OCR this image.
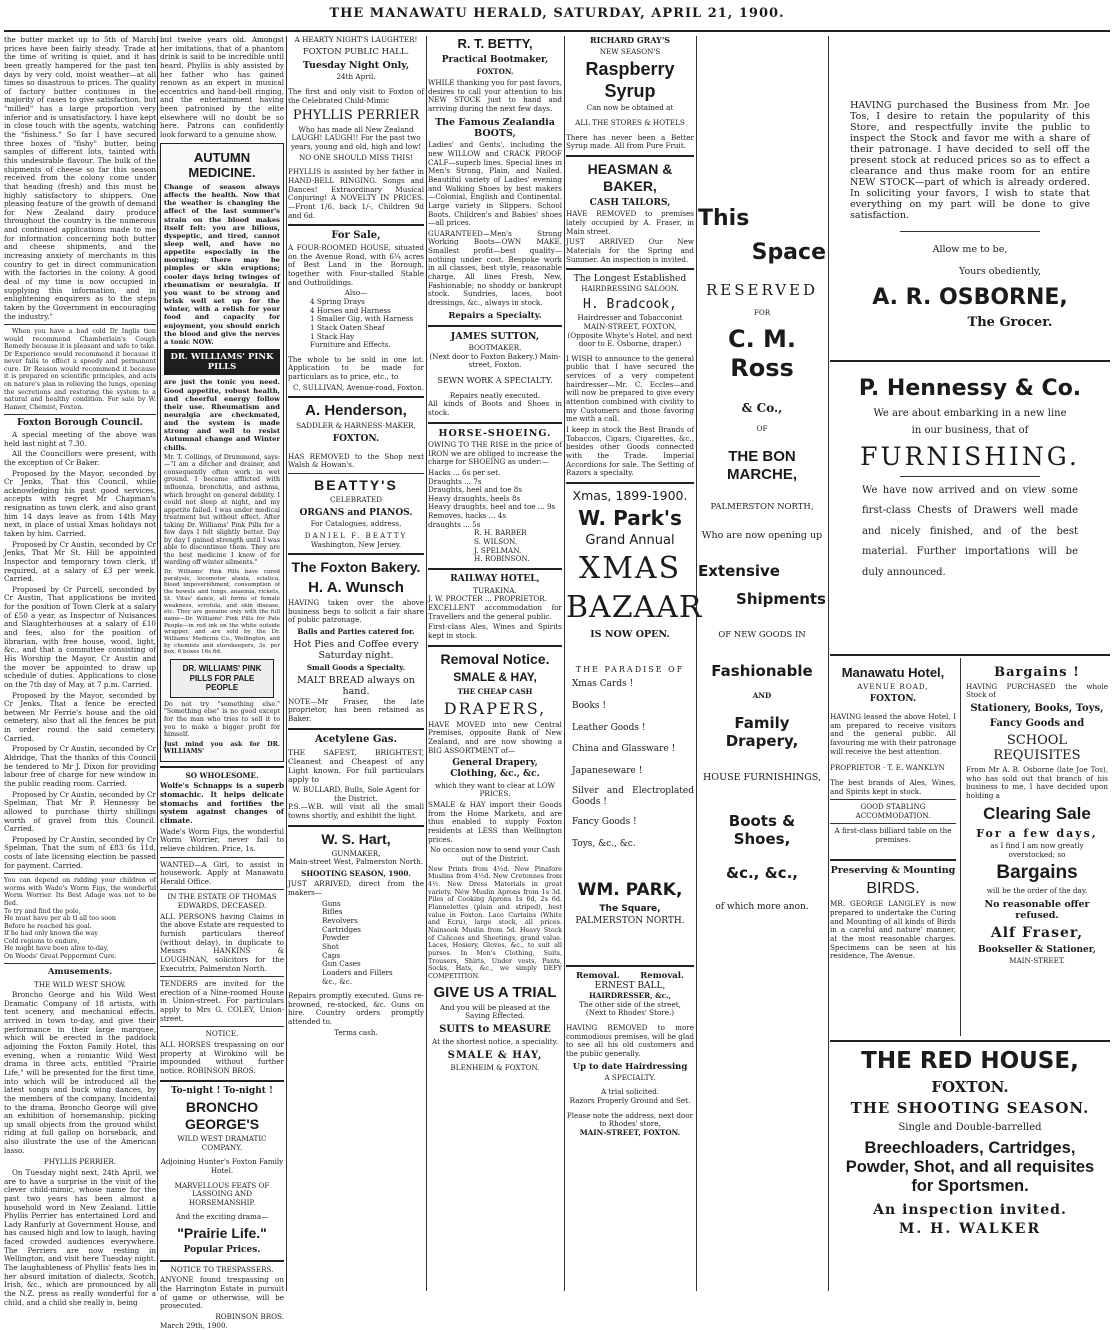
THE MANAWATU HERALD, SATURDAY, APRIL 21, 1900.

the butter market up to 5th of March prices have been fairly steady. Trade at the time of writing is quiet, and it has been greatly hampered for the past ten days by very cold, moist weather—at all times so disastrous to prices. The quality of factory butter continues in the majority of cases to give satisfaction, but "milled" has a large proportion very inferior and is unsatisfactory. I have kept in close touch with the agents, watching the "fishiness." So far I have secured three boxes of "fishy" butter, being samples of different lots, tainted with this undesirable flavour. The bulk of the shipments of cheese so far this season received from the colony come under that heading (fresh) and this must be highly satisfactory to shippers. One pleasing feature of the growth of demand for New Zealand dairy produce throughout the country is the numerous and continued applications made to me for information concerning both butter and cheese shipments, and the increasing anxiety of merchants in this country to get in direct communication with the factories in the colony. A good deal of my time is now occupied in supplying this information, and in enlightening enquirers as to the steps taken by the Government in encouraging the industry."

When you have a bad cold Dr Inglis tion would recommend Chamberlain's Cough Remedy because it is pleasant and safe to take. Dr Experience would recommend it because it never fails to effect a speedy and permanent cure. Dr Reason would recommend it because it is prepared on scientific principles, and acts on nature's plan in relieving the lungs, opening the secretions and restoring the system to a natural and healthy condition. For sale by W. Hamer, Chemist, Foxton.

Foxton Borough Council.

A special meeting of the above was held last night at 7.30.

All the Councillors were present, with the exception of Cr Baker.

Proposed by the Mayor, seconded by Cr Jenks, That this Council, while acknowledging his past good services, accepts with regret Mr Chapman's resignation as town clerk, and also grant him 14 days leave as from 14th May next, in place of usual Xmas holidays not taken by him. Carried.

Proposed by Cr Austin, seconded by Cr Jenks, That Mr St. Hill be appointed Inspector and temporary town clerk, if required, at a salary of £3 per week. Carried.

Proposed by Cr Purcell, seconded by Cr Austin, That applications be invited for the position of Town Clerk at a salary of £50 a year, as Inspector of Nuisances and Slaughterhouses at a salary of £10 and fees, also for the position of librarian, with free house, wood, light, &c., and that a committee consisting of His Worship the Mayor, Cr Austin and the mover be appointed to draw up schedule of duties. Applications to close on the 7th day of May, at 7 p.m. Carried.

Proposed by the Mayor, seconded by Cr Jenks, That a fence be erected between Mr Ferrie's house and the old cemetery, also that all the fences be put in order round the said cemetery. Carried.

Proposed by Cr Austin, seconded by Cr Aldridge, That the thanks of this Council be tendered to Mr J. Dixon for providing labour free of charge for new window in the public reading room. Carried.

Proposed by Cr Austin, seconded by Cr Spelman, That Mr P. Hennessy be allowed to purchase thirty shillings worth of gravel from this Council. Carried.

Proposed by Cr Austin, seconded by Cr Spelman, That the sum of £83 6s 11d, costs of late licensing election be passed for payment. Carried.

You can depend on ridding your children of worms with Wade's Worm Figs, the wonderful Worm Worrier. Its Best Adage was not to be fled.

To try and find the pole,

He must have per ab tl all too soon

Before he reached his goal.

If he had only known the way

Cold regions to endure,

He might have been alive to-day,

On Woods' Great Peppermint Cure.

Amusements.
THE WILD WEST SHOW.

Broncho George and his Wild West Dramatic Company of 18 artists, with tent scenery, and mechanical effects, arrived in town to-day, and give their performance in their large marquee, which will be erected in the paddock adjoining the Foxton Family Hotel, this evening, when a romantic Wild West drama in three acts, entitled "Prairie Life," will be presented for the first time, into which will be introduced all the latest songs and buck wing dances, by the members of the company. Incidental to the drama, Broncho George will give an exhibition of horsemanship, picking up small objects from the ground whilst riding at full gallop on horseback, and also illustrate the use of the American lasso.

PHYLLIS PERRIER.

On Tuesday night next, 24th April, we are to have a surprise in the visit of the clever child-mimic, whose name for the past two years has been almost a household word in New Zealand. Little Phyllis Perrier has entertained Lord and Lady Ranfurly at Government House, and has caused high and low to laugh, having faced crowded audiences everywhere. The Perriers are now resting in Wellington, and visit here Tuesday night. The laughableness of Phyllis' feats lies in her absurd imitation of dialects, Scotch, Irish, &c., which are pronounced by all the N.Z. press as really wonderful for a child, and a child she really is, being

but twelve years old. Amongst her imitations, that of a phantom drink is said to be incredible until heard. Phyllis is ably assisted by her father who has gained renown as an expert in musical eccentrics and hand-bell ringing, and the entertainment having been patronised by the elite elsewhere will no doubt be so here. Patrons can confidently look forward to a genuine show.

AUTUMN MEDICINE.

Change of season always affects the health. Now that the weather is changing the affect of the last summer's strain on the blood makes itself felt: you are bilious, dyspeptic, and tired, cannot sleep well, and have no appetite especially in the morning; there may be pimples or skin eruptions; cooler days bring twinges of rheumatism or neuralgia. If you want to be strong and brisk well set up for the winter, with a relish for your food and capacity for enjoyment, you should enrich the blood and give the nerves a tonic NOW.

DR. WILLIAMS' PINK PILLS

are just the tonic you need. Good appetite, robust health, and cheerful energy follow their use. Rheumatism and neuralgia are checkmated, and the system is made strong and well to resist Autumnal change and Winter chills.

Mr. T. Collings, of Drummond, says:—"I am a ditcher and drainer, and consequently often work in wet ground. I became afflicted with influenza, bronchitis, and asthma, which brought on general debility. I could not sleep at night, and my appetite failed. I was under medical treatment but without effect. After taking Dr. Williams' Pink Pills for a few days I felt slightly better. Day by day I gained strength until I was able to discontinue them. They are the best medicine I know of for warding off winter ailments."

Dr. Williams' Pink Pills have cured paralysis, locomotor ataxia, sciatica, blood impoverishment, consumption of the bowels and lungs, anaemia, rickets, St. Vitus' dance, all forms of female weakness, scrofula, and skin disease, etc. They are genuine only with the full name—Dr. Williams' Pink Pills for Pale People—in red ink on the white outside wrapper, and are sold by the Dr. Williams' Medicine Co., Wellington, and by chemists and storekeepers, 3s. per box, 6 boxes 16s 6d.

DR. WILLIAMS' PINK PILLS FOR PALE PEOPLE

Do not try "something else." "Something else" is no good except for the man who tries to sell it to you to make a bigger profit for himself.

Just mind you ask for DR. WILLIAMS'

SO WHOLESOME.

Wolfe's Schnapps is a superb stomachic. It helps delicate stomachs and fortifies the system against changes of climate.

Wade's Worm Figs, the wonderful Worm Worrier, never fail to relieve children. Price, 1s.

WANTED—A Girl, to assist in housework. Apply at Manawatu Herald Office.

IN THE ESTATE OF THOMAS EDWARDS, DECEASED.

ALL PERSONS having Claims in the above Estate are requested to furnish particulars thereof (without delay), in duplicate to Messrs HANKINS & LOUGHNAN, solicitors for the Executrix, Palmerston North.

TENDERS are invited for the erection of a Nine-roomed House in Union-street. For particulars apply to Mrs G. COLEY, Union-street.

NOTICE.

ALL HORSES trespassing on our property at Wirokino will be impounded without further notice. ROBINSON BROS.

To-night ! To-night !
BRONCHO GEORGE'S
WILD WEST DRAMATIC COMPANY.
Adjoining Hunter's Foxton Family Hotel.
MARVELLOUS FEATS OF LASSOING AND HORSEMANSHIP.
And the exciting drama—
"Prairie Life."
Popular Prices.
NOTICE TO TRESPASSERS.

ANYONE found trespassing on the Harrington Estate in pursuit of game or otherwise, will be prosecuted.

ROBINSON BROS.
March 29th, 1900.
A HEARTY NIGHT'S LAUGHTER!
FOXTON PUBLIC HALL.
Tuesday Night Only,
24th April.

The first and only visit to Foxton of the Celebrated Child-Mimic

PHYLLIS PERRIER

Who has made all New Zealand LAUGH! LAUGH!! For the past two years, young and old, high and low!

NO ONE SHOULD MISS THIS!

PHYLLIS is assisted by her father in HAND-BELL RINGING. Songs and Dances! Extraordinary Musical Conjuring! A NOVELTY IN PRICES.—Front 1/6, back 1/-, Children 9d and 6d.

For Sale,

A FOUR-ROOMED HOUSE, situated on the Avenue Road, with 6¼ acres of Best Land in the Borough, together with Four-stalled Stable and Outbuildings.

Also—

4 Spring Drays

4 Horses and Harness

1 Smaller Gig, with Harness

1 Stack Oaten Sheaf

1 Stack Hay

Furniture and Effects.

The whole to be sold in one lot. Application to be made for particulars as to price, etc., to

C. SULLIVAN, Avenue-road, Foxton.
A. Henderson,
SADDLER & HARNESS-MAKER,
FOXTON.

HAS REMOVED to the Shop next Walsh & Howan's.

BEATTY'S
CELEBRATED
ORGANS and PIANOS.
For Catalogues, address,
DANIEL F. BEATTY
Washington, New Jersey.
The Foxton Bakery.
H. A. Wunsch

HAVING taken over the above business begs to solicit a fair share of public patronage.

Balls and Parties catered for.
Hot Pies and Coffee every Saturday night.
Small Goods a Specialty.
MALT BREAD always on hand.

NOTE—Mr Fraser, the late proprietor, has been retained as Baker.

Acetylene Gas.

THE SAFEST, BRIGHTEST, Cleanest and Cheapest of any Light known. For full particulars apply to

W. BULLARD, Bulls, Sole Agent for the District.

P.S.—W.B. will visit all the small towns shortly, and exhibit the light.

W. S. Hart,
GUNMAKER,
Main-street West, Palmerston North.
SHOOTING SEASON, 1900.

JUST ARRIVED, direct from the makers—

Guns

Rifles

Revolvers

Cartridges

Powder

Shot

Caps

Gun Cases

Loaders and Fillers

&c., &c.

Repairs promptly executed. Guns re-browned, re-stocked, &c. Guns on hire. Country orders promptly attended to.

Terms cash.
R. T. BETTY,
Practical Bootmaker,
FOXTON.

WHILE thanking you for past favors, desires to call your attention to his NEW STOCK just to hand and arriving during the next few days.

The Famous Zealandia BOOTS,

Ladies' and Gents', including the new WILLOW and CRACK PROOF CALF—superb lines. Special lines in Men's Strong, Plain, and Nailed. Beautiful variety of Ladies' evening and Walking Shoes by best makers—Colonial, English and Continental. Large variety in Slippers. School Boots, Children's and Babies' shoes—all prices.

GUARANTEED—Men's Strong Working Boots—OWN MAKE. Smallest profit—best quality—nothing under cost. Bespoke work in all classes, best style, reasonable charge. All lines Fresh, New, Fashionable; no shoddy or bankrupt stock. Sundries, laces, boot dressings, &c., always in stock.

Repairs a Specialty.
JAMES SUTTON,
BOOTMAKER.
(Next door to Foxton Bakery.) Main-street, Foxton.
SEWN WORK A SPECIALTY.
Repairs neatly executed.

All kinds of Boots and Shoes in stock.

HORSE-SHOEING.

OWING TO THE RISE in the price of IRON we are obliged to increase the charge for SHOEING as under:—

Hacks ... 6s per set.

Draughts ... 7s

Draughts, heel and toe 8s

Heavy draughts, heels 8s

Heavy draughts, heel and toe ... 9s

Removes, hacks ... 4s

draughts ... 5s

R. H. BARBER

S. WILSON.

J. SPELMAN.

H. ROBINSON.

RAILWAY HOTEL,
TURAKINA.
J. W. PROCTER ... PROPRIETOR.

EXCELLENT accommodation for Travellers and the general public.

First-class Ales, Wines and Spirits kept in stock.

Removal Notice.
SMALE & HAY,
THE CHEAP CASH
DRAPERS,

HAVE MOVED into new Central Premises, opposite Bank of New Zealand, and are now showing a BIG ASSORTMENT of—

General Drapery, Clothing, &c., &c.

which they want to clear at LOW PRICES.

SMALE & HAY import their Goods from the Home Markets, and are thus enabled to supply Foxton residents at LESS than Wellington prices.

No occasion now to send your Cash out of the District.

New Prints from 4½d. New Pinafore Muslins from 4½d. New Cretonnes from 4½. New Dress Materials in great variety. New Muslin Aprons from 1s 3d. Piles of Cooking Aprons 1s 6d, 2s 6d. Flannelettes (plain and striped), best value in Foxton. Lace Curtains (White and Ecru), large stock, all prices. Nainsook Muslin from 5d. Heavy Stock of Calicoes and Sheetings, grand value. Laces, Hosiery, Gloves, &c., to suit all purses. In Men's Clothing, Suits, Trousers, Shirts, Under vests, Pants, Socks, Hats, &c., we simply DEFY COMPETITION.

GIVE US A TRIAL

And you will be pleased at the Saving Effected.

SUITS to MEASURE

At the shortest notice, a speciality.

SMALE & HAY,
BLENHEIM & FOXTON.
RICHARD GRAY'S
NEW SEASON'S
Raspberry Syrup
Can now be obtained at
ALL THE STORES & HOTELS

There has never been a Better Syrup made. All from Pure Fruit.

HEASMAN & BAKER,
CASH TAILORS,

HAVE REMOVED to premises lately occupied by A. Fraser, in Main street.

JUST ARRIVED Our New Materials for the Spring and Summer. An inspection is invited.

The Longest Established
HAIRDRESSING SALOON.
H. Bradcook,
Hairdresser and Tobacconist
MAIN-STREET, FOXTON,
(Opposite Whyte's Hotel, and next door to E. Osborne, draper.)

I WISH to announce to the general public that I have secured the services of a very competent hairdresser—Mr. C. Eccles—and will now be prepared to give every attention combined with civility to my Customers and those favoring me with a call.

I keep in stock the Best Brands of Tobaccos, Cigars, Cigarettes, &c., besides other Goods connected with the Trade. Imperial Accordions for sale. The Setting of Razors a specialty.

Xmas, 1899-1900.
W. Park's
Grand Annual
XMAS
BAZAAR
IS NOW OPEN.
THE PARADISE OF

Xmas Cards !

Books !

Leather Goods !

China and Glassware !

Japaneseware !

Silver and Electroplated Goods !

Fancy Goods !

Toys, &c., &c.

WM. PARK,
The Square,
PALMERSTON NORTH.
Removal. Removal.
ERNEST BALL,
HAIRDRESSER, &c.,
The other side of the street,
(Next to Rhodes' Store.)

HAVING REMOVED to more commodious premises, will be glad to see all his old customers and the public generally.

Up to date Hairdressing
A SPECIALTY.
A trial solicited.
Razors Properly Ground and Set.
Please note the address, next door to Rhodes' store,
MAIN-STREET, FOXTON.
This
Space
RESERVED
FOR
C. M. Ross
& Co.,
OF
THE BON MARCHE,
PALMERSTON NORTH,
Who are now opening up
Extensive
Shipments
OF NEW GOODS IN
Fashionable
AND
Family Drapery,
HOUSE FURNISHINGS,
Boots & Shoes,
&c., &c.,
of which more anon.

HAVING purchased the Business from Mr. Joe Tos, I desire to retain the popularity of this Store, and respectfully invite the public to inspect the Stock and favor me with a share of their patronage. I have decided to sell off the present stock at reduced prices so as to effect a clearance and thus make room for an entire NEW STOCK—part of which is already ordered. In soliciting your favors, I wish to state that everything on my part will be done to give satisfaction.

Allow me to be,
Yours obediently,
A. R. OSBORNE,
The Grocer.
P. Hennessy & Co.
We are about embarking in a new line in our business, that of
FURNISHING.

We have now arrived and on view some first-class Chests of Drawers well made and nicely finished, and of the best material. Further importations will be duly announced.

Manawatu Hotel,
AVENUE ROAD,
FOXTON.

HAVING leased the above Hotel, I am prepared to receive visitors and the general public. All favouring me with their patronage will receive the best attention.

PROPRIETOR · T. E. WANKLYN

The best brands of Ales, Wines, and Spirits kept in stock.

GOOD STABLING ACCOMMODATION.

A first-class billiard table on the premises.

Preserving & Mounting
BIRDS.

MR. GEORGE LANGLEY is now prepared to undertake the Curing and Mounting of all kinds of Birds in a careful and nature' manner, at the most reasonable charges. Specimens can be seen at his residence, The Avenue.

Bargains !

HAVING PURCHASED the whole Stock of

Stationery, Books, Toys,
Fancy Goods and
SCHOOL REQUISITES

From Mr A. B. Osborne (late Joe Tos), who has sold out that branch of his business to me, I have decided upon holding a

Clearing Sale
For a few days,

as I find I am now greatly overstocked; so

Bargains
will be the order of the day.
No reasonable offer refused.
Alf Fraser,
Bookseller & Stationer,
MAIN-STREET.
THE RED HOUSE,
FOXTON.
THE SHOOTING SEASON.
Single and Double-barrelled
Breechloaders, Cartridges, Powder, Shot, and all requisites for Sportsmen.
An inspection invited.
M. H. WALKER
